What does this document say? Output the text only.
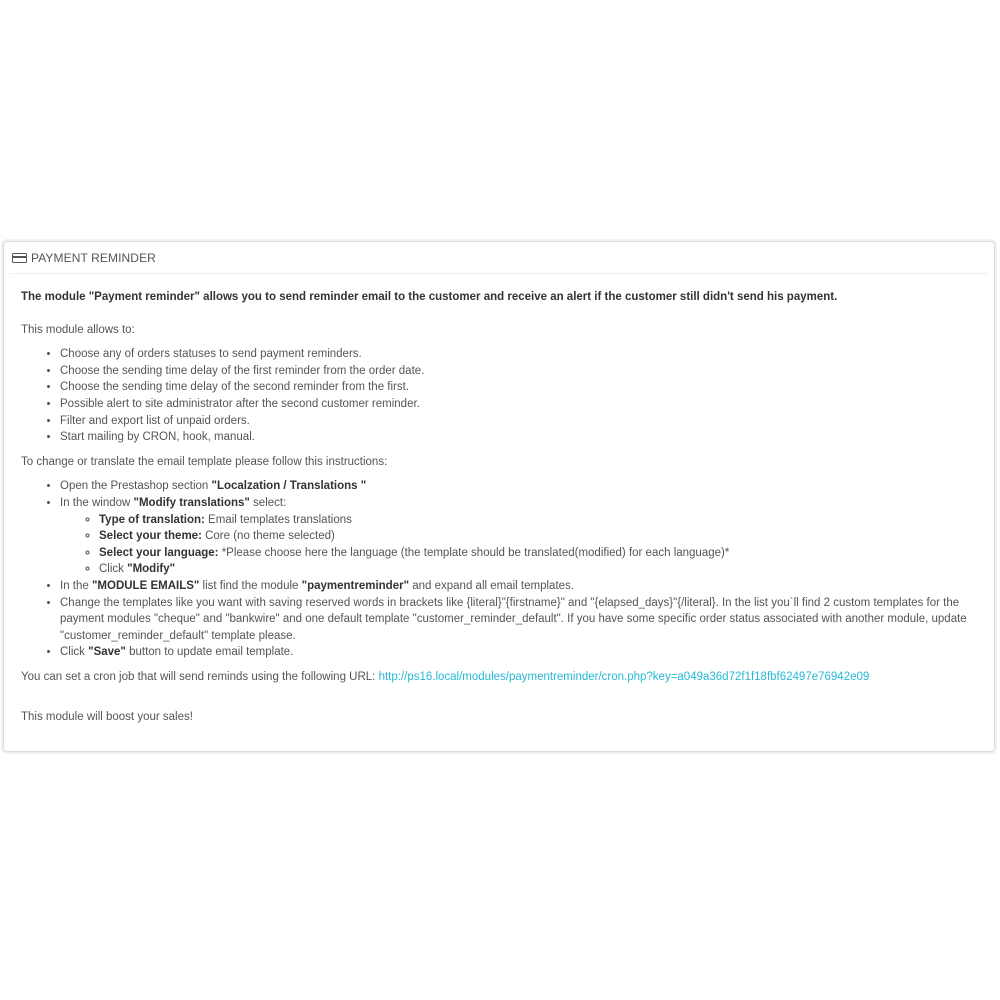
PAYMENT REMINDER

The module "Payment reminder" allows you to send reminder email to the customer and receive an alert if the customer still didn't send his payment.

This module allows to:

• Choose any of orders statuses to send payment reminders.
• Choose the sending time delay of the first reminder from the order date.
• Choose the sending time delay of the second reminder from the first.
• Possible alert to site administrator after the second customer reminder.
• Filter and export list of unpaid orders.
• Start mailing by CRON, hook, manual.

To change or translate the email template please follow this instructions:

• Open the Prestashop section "Localzation / Translations "
• In the window "Modify translations" select:
◦ Type of translation: Email templates translations
◦ Select your theme: Core (no theme selected)
◦ Select your language: *Please choose here the language (the template should be translated(modified) for each language)*
◦ Click "Modify"
• In the "MODULE EMAILS" list find the module "paymentreminder" and expand all email templates.
• Change the templates like you want with saving reserved words in brackets like {literal}"{firstname}" and "{elapsed_days}"{/literal}. In the list you`ll find 2 custom templates for the payment modules "cheque" and "bankwire" and one default template "customer_reminder_default". If you have some specific order status associated with another module, update "customer_reminder_default" template please.
• Click "Save" button to update email template.

You can set a cron job that will send reminds using the following URL: http://ps16.local/modules/paymentreminder/cron.php?key=a049a36d72f1f18fbf62497e76942e09

This module will boost your sales!
